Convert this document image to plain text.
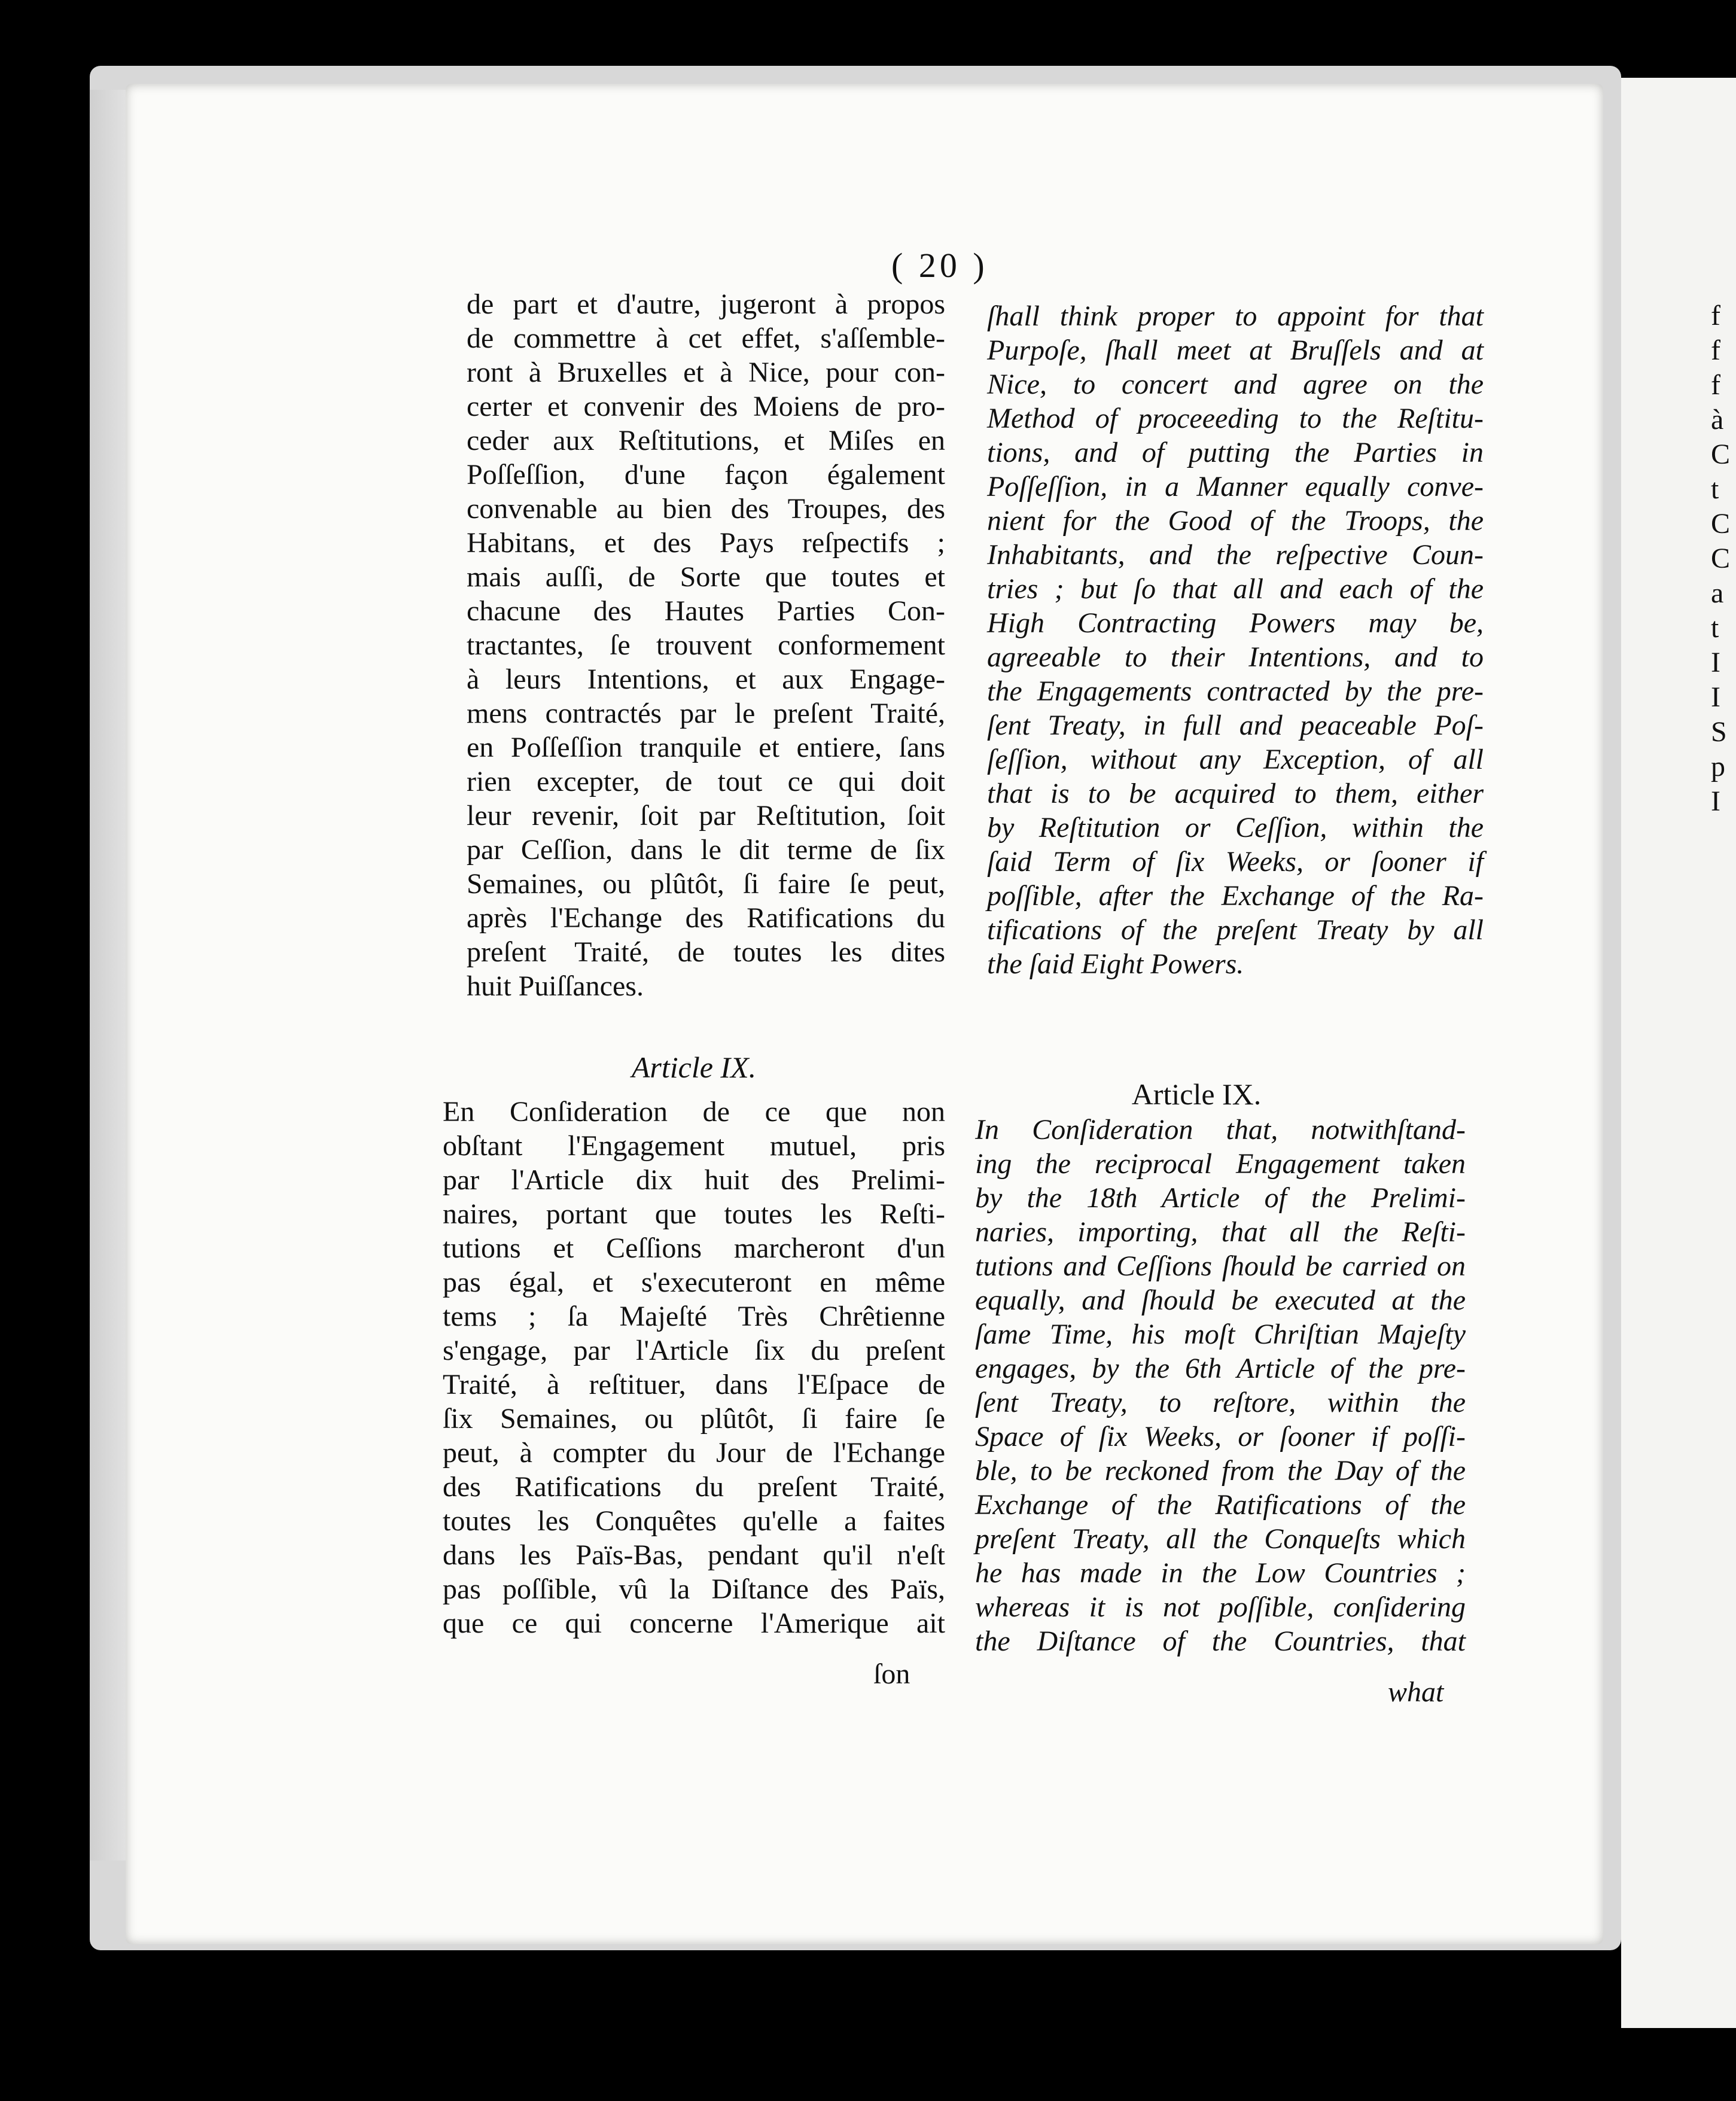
( 20 )
de part et d'autre, jugeront à propos
de commettre à cet effet, s'aſſemble-
ront à Bruxelles et à Nice, pour con-
certer et convenir des Moiens de pro-
ceder aux Reſtitutions, et Miſes en
Poſſeſſion, d'une façon également
convenable au bien des Troupes, des
Habitans, et des Pays reſpectifs ;
mais auſſi, de Sorte que toutes et
chacune des Hautes Parties Con-
tractantes, ſe trouvent conformement
à leurs Intentions, et aux Engage-
mens contractés par le preſent Traité,
en Poſſeſſion tranquile et entiere, ſans
rien excepter, de tout ce qui doit
leur revenir, ſoit par Reſtitution, ſoit
par Ceſſion, dans le dit terme de ſix
Semaines, ou plûtôt, ſi faire ſe peut,
après l'Echange des Ratifications du
preſent Traité, de toutes les dites
huit Puiſſances.
ſhall think proper to appoint for that
Purpoſe, ſhall meet at Bruſſels and at
Nice, to concert and agree on the
Method of proceeeding to the Reſtitu-
tions, and of putting the Parties in
Poſſeſſion, in a Manner equally conve-
nient for the Good of the Troops, the
Inhabitants, and the reſpective Coun-
tries ; but ſo that all and each of the
High Contracting Powers may be,
agreeable to their Intentions, and to
the Engagements contracted by the pre-
ſent Treaty, in full and peaceable Poſ-
ſeſſion, without any Exception, of all
that is to be acquired to them, either
by Reſtitution or Ceſſion, within the
ſaid Term of ſix Weeks, or ſooner if
poſſible, after the Exchange of the Ra-
tifications of the preſent Treaty by all
the ſaid Eight Powers.
Article IX.
Article IX.
En Conſideration de ce que non
obſtant l'Engagement mutuel, pris
par l'Article dix huit des Prelimi-
naires, portant que toutes les Reſti-
tutions et Ceſſions marcheront d'un
pas égal, et s'executeront en même
tems ; ſa Majeſté Très Chrêtienne
s'engage, par l'Article ſix du preſent
Traité, à reſtituer, dans l'Eſpace de
ſix Semaines, ou plûtôt, ſi faire ſe
peut, à compter du Jour de l'Echange
des Ratifications du preſent Traité,
toutes les Conquêtes qu'elle a faites
dans les Païs-Bas, pendant qu'il n'eſt
pas poſſible, vû la Diſtance des Païs,
que ce qui concerne l'Amerique ait
In Conſideration that, notwithſtand-
ing the reciprocal Engagement taken
by the 18th Article of the Prelimi-
naries, importing, that all the Reſti-
tutions and Ceſſions ſhould be carried on
equally, and ſhould be executed at the
ſame Time, his moſt Chriſtian Majeſty
engages, by the 6th Article of the pre-
ſent Treaty, to reſtore, within the
Space of ſix Weeks, or ſooner if poſſi-
ble, to be reckoned from the Day of the
Exchange of the Ratifications of the
preſent Treaty, all the Conqueſts which
he has made in the Low Countries ;
whereas it is not poſſible, conſidering
the Diſtance of the Countries, that
ſon
what
f
f
f
à
C
t
C
C
a
t
I
I
S
p
I
